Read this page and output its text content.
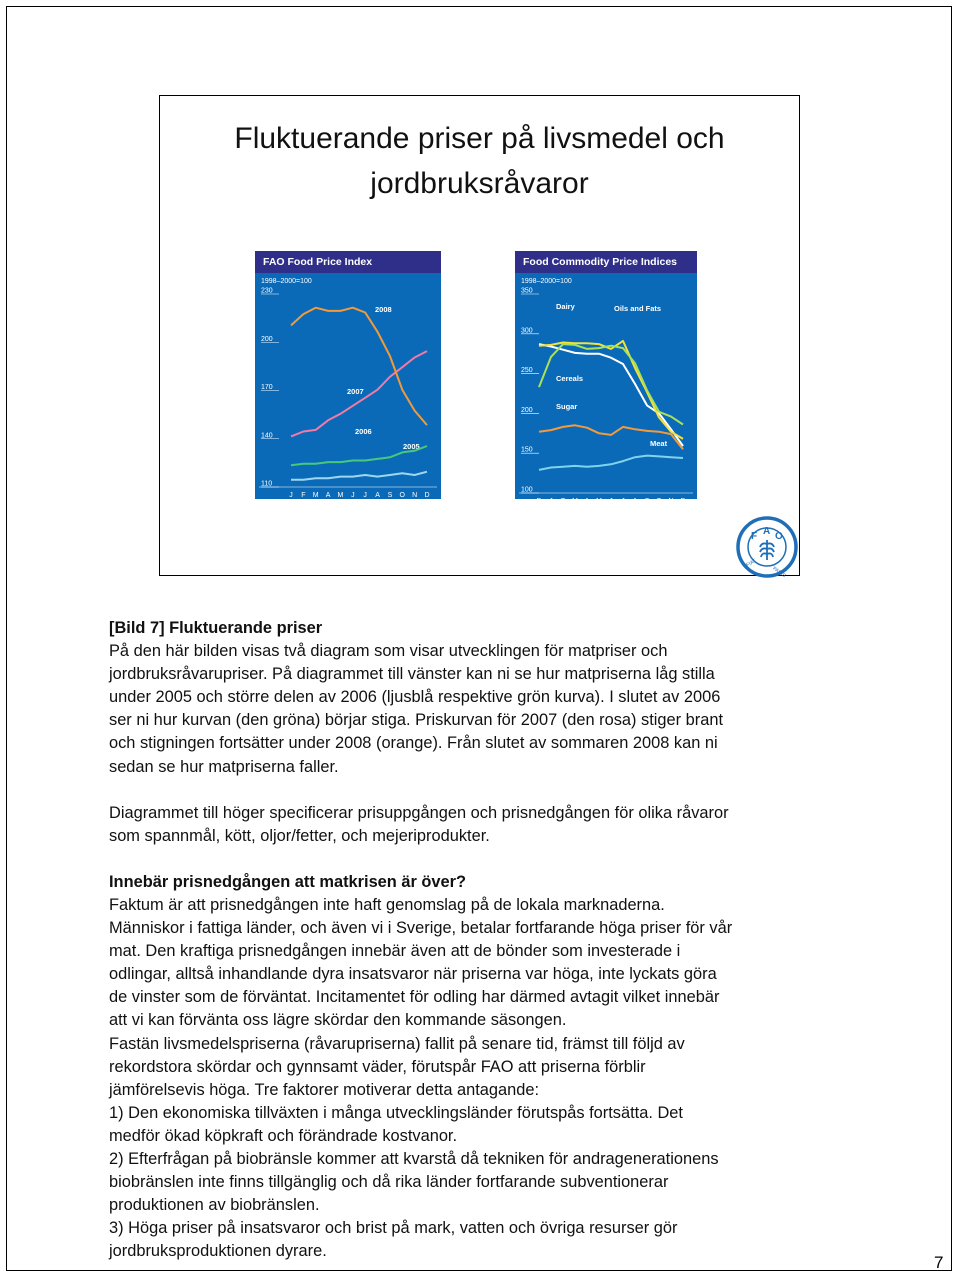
Fluktuerande priser på livsmedel och
jordbruksråvaror
FAO Food Price Index
1998–2000=100
110
140
170
200
230
J F M A M J J A S O N D
2005
2006
2007
2008
Food Commodity Price Indices
1998–2000=100
100
150
200
250
300
350
D J F M A M J J A S O N D
2007/08
Dairy	Oils and Fats
Cereals
Sugar
Meat
F A O
FIAT
PANIS

[Bild 7] Fluktuerande priser

På den här bilden visas två diagram som visar utvecklingen för matpriser och

jordbruksråvarupriser. På diagrammet till vänster kan ni se hur matpriserna låg stilla

under 2005 och större delen av 2006 (ljusblå respektive grön kurva). I slutet av 2006

ser ni hur kurvan (den gröna) börjar stiga. Priskurvan för 2007 (den rosa) stiger brant

och stigningen fortsätter under 2008 (orange). Från slutet av sommaren 2008 kan ni

sedan se hur matpriserna faller.

Diagrammet till höger specificerar prisuppgången och prisnedgången för olika råvaror

som spannmål, kött, oljor/fetter, och mejeriprodukter.

Innebär prisnedgången att matkrisen är över?

Faktum är att prisnedgången inte haft genomslag på de lokala marknaderna.

Människor i fattiga länder, och även vi i Sverige, betalar fortfarande höga priser för vår

mat. Den kraftiga prisnedgången innebär även att de bönder som investerade i

odlingar, alltså inhandlande dyra insatsvaror när priserna var höga, inte lyckats göra

de vinster som de förväntat. Incitamentet för odling har därmed avtagit vilket innebär

att vi kan förvänta oss lägre skördar den kommande säsongen.

Fastän livsmedelspriserna (råvarupriserna) fallit på senare tid, främst till följd av

rekordstora skördar och gynnsamt väder, förutspår FAO att priserna förblir

jämförelsevis höga. Tre faktorer motiverar detta antagande:

1) Den ekonomiska tillväxten i många utvecklingsländer förutspås fortsätta. Det

medför ökad köpkraft och förändrade kostvanor.

2) Efterfrågan på biobränsle kommer att kvarstå då tekniken för andragenerationens

biobränslen inte finns tillgänglig och då rika länder fortfarande subventionerar

produktionen av biobränslen.

3) Höga priser på insatsvaror och brist på mark, vatten och övriga resurser gör

jordbruksproduktionen dyrare.

7
